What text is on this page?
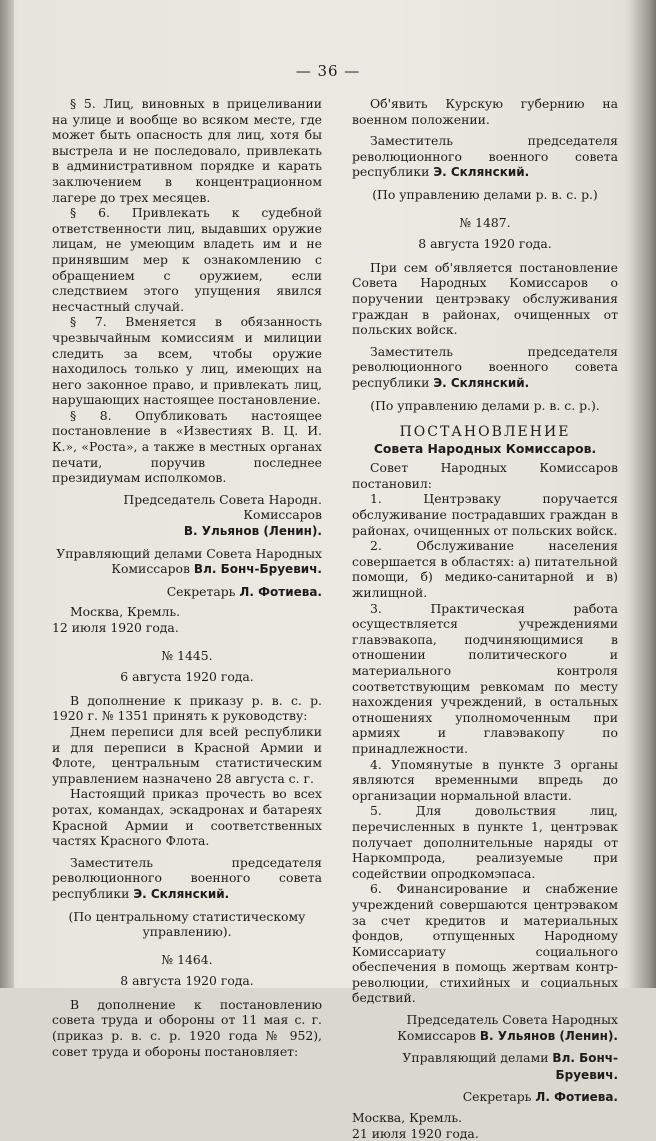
— 36 —

§ 5. Лиц, виновных в прицеливании на улице и вообще во всяком месте, где может быть опасность для лиц, хотя бы выстрела и не последовало, привлекать в административном порядке и карать заключением в концентрационном лагере до трех месяцев.

§ 6. Привлекать к судебной ответственности лиц, выдавших оружие лицам, не умеющим владеть им и не принявшим мер к ознакомлению с обращением с оружием, если следствием этого упущения явился несчастный случай.

§ 7. Вменяется в обязанность чрезвычайным комиссиям и милиции следить за всем, чтобы оружие находилось только у лиц, имеющих на него законное право, и привлекать лиц, нарушающих настоящее постановление.

§ 8. Опубликовать настоящее постановление в «Известиях В. Ц. И. К.», «Роста», а также в местных органах печати, поручив последнее президиумам исполкомов.

Председатель Совета Народн. Комиссаров
В. Ульянов (Ленин).

Управляющий делами Совета Народных Комиссаров Вл. Бонч-Бруевич.

Секретарь Л. Фотиева.

Москва, Кремль.
12 июля 1920 года.

№ 1445.

6 августа 1920 года.

В дополнение к приказу р. в. с. р. 1920 г. № 1351 принять к руководству:

Днем переписи для всей республики и для переписи в Красной Армии и Флоте, центральным статистическим управлением назначено 28 августа с. г.

Настоящий приказ прочесть во всех ротах, командах, эскадронах и батареях Красной Армии и соответственных частях Красного Флота.

Заместитель председателя революционного военного совета республики Э. Склянский.

(По центральному статистическому управлению).

№ 1464.

8 августа 1920 года.

В дополнение к постановлению совета труда и обороны от 11 мая с. г. (приказ р. в. с. р. 1920 года № 952), совет труда и обороны постановляет:

Об'явить Курскую губернию на военном положении.

Заместитель председателя революционного военного совета республики Э. Склянский.

(По управлению делами р. в. с. р.)

№ 1487.

8 августа 1920 года.

При сем об'является постановление Совета Народных Комиссаров о поручении центрэваку обслуживания граждан в районах, очищенных от польских войск.

Заместитель председателя революционного военного совета республики Э. Склянский.

(По управлению делами р. в. с. р.).

ПОСТАНОВЛЕНИЕ

Совета Народных Комиссаров.

Совет Народных Комиссаров постановил:

1. Центрэваку поручается обслуживание пострадавших граждан в районах, очищенных от польских войск.

2. Обслуживание населения совершается в областях: а) питательной помощи, б) медико-санитарной и в) жилищной.

3. Практическая работа осуществляется учреждениями главэвакопа, подчиняющимися в отношении политического и материального контроля соответствующим ревкомам по месту нахождения учреждений, в остальных отношениях уполномоченным при армиях и главэвакопу по принадлежности.

4. Упомянутые в пункте 3 органы являются временными впредь до организации нормальной власти.

5. Для довольствия лиц, перечисленных в пункте 1, центрэвак получает дополнительные наряды от Наркомпрода, реализуемые при содействии опродкомэпаса.

6. Финансирование и снабжение учреждений совершаются центрэваком за счет кредитов и материальных фондов, отпущенных Народному Комиссариату социального обеспечения в помощь жертвам контр-революции, стихийных и социальных бедствий.

Председатель Совета Народных Комиссаров В. Ульянов (Ленин).

Управляющий делами Вл. Бонч-Бруевич.

Секретарь Л. Фотиева.

Москва, Кремль.
21 июля 1920 года.
